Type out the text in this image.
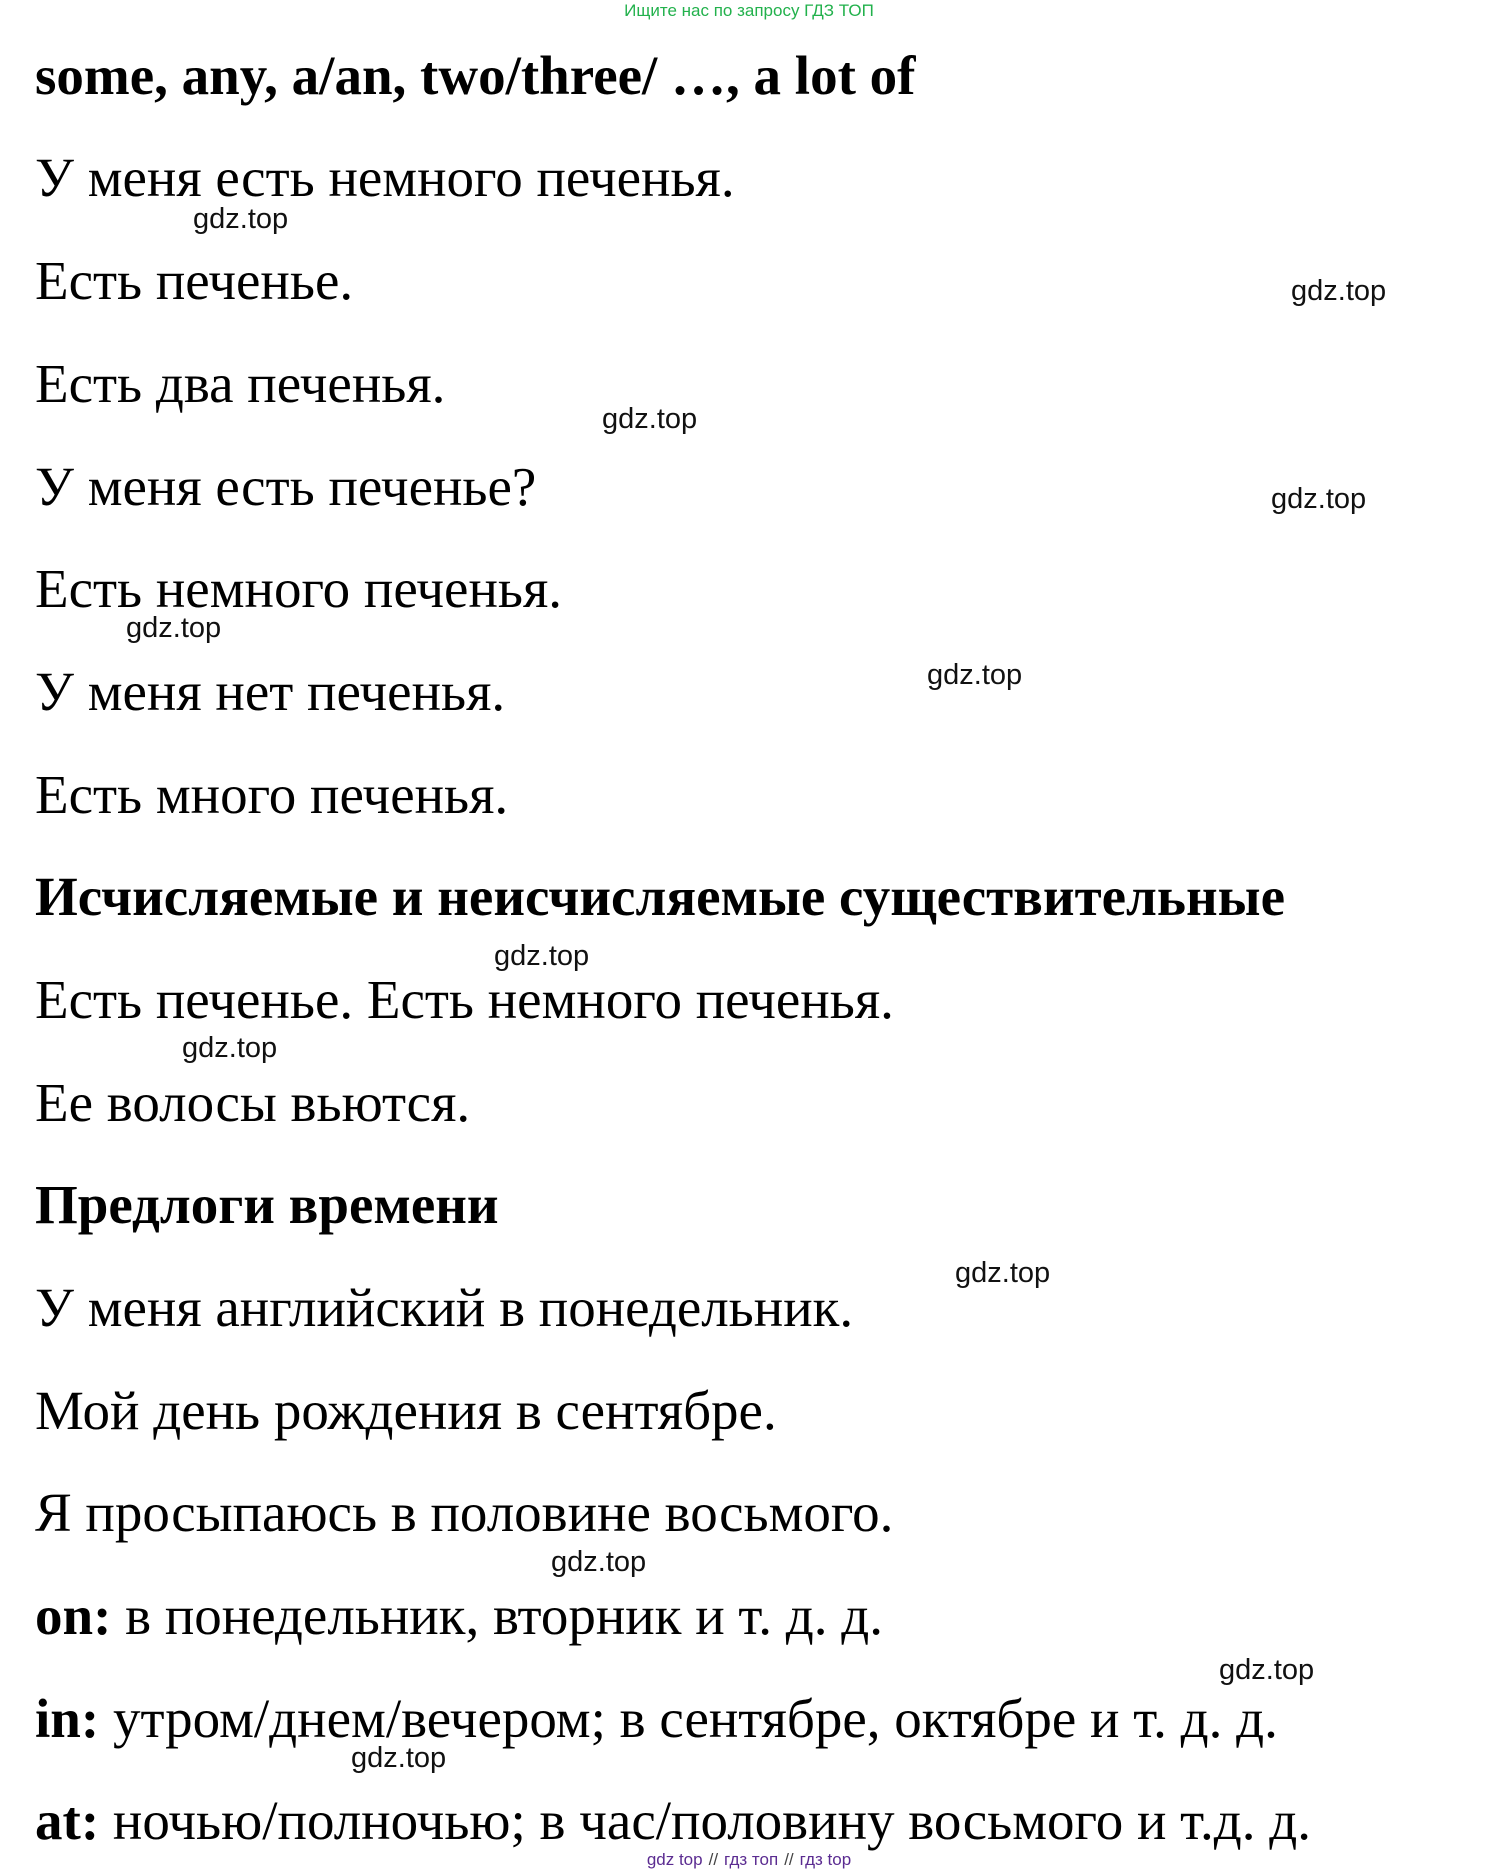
Ищите нас по запросу ГДЗ ТОП
some, any, a/an, two/three/ …, a lot of
У меня есть немного печенья.
Есть печенье.
Есть два печенья.
У меня есть печенье?
Есть немного печенья.
У меня нет печенья.
Есть много печенья.
Исчисляемые и неисчисляемые существительные
Есть печенье. Есть немного печенья.
Ее волосы вьются.
Предлоги времени
У меня английский в понедельник.
Мой день рождения в сентябре.
Я просыпаюсь в половине восьмого.
on: в понедельник, вторник и т. д. д.
in: утром/днем/вечером; в сентябре, октябре и т. д. д.
at: ночью/полночью; в час/половину восьмого и т.д. д.
gdz.top
gdz.top
gdz.top
gdz.top
gdz.top
gdz.top
gdz.top
gdz.top
gdz.top
gdz.top
gdz.top
gdz.top
gdz top // гдз топ // гдз top
